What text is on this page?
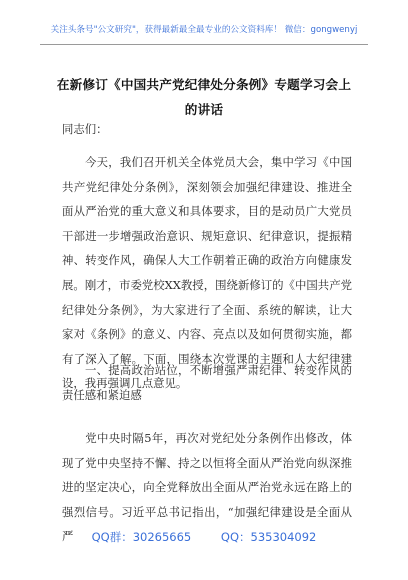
关注头条号"公文研究"，获得最新最全最专业的公文资料库！ 微信：gongwenyj
在新修订《中国共产党纪律处分条例》专题学习会上的讲话
同志们：
今天，我们召开机关全体党员大会，集中学习《中国共产党纪律处分条例》，深刻领会加强纪律建设、推进全面从严治党的重大意义和具体要求，目的是动员广大党员干部进一步增强政治意识、规矩意识、纪律意识，提振精神、转变作风，确保人大工作朝着正确的政治方向健康发展。刚才，市委党校XX教授，围绕新修订的《中国共产党纪律处分条例》，为大家进行了全面、系统的解读，让大家对《条例》的意义、内容、亮点以及如何贯彻实施，都有了深入了解。下面，围绕本次党课的主题和人大纪律建设，我再强调几点意见。
一、提高政治站位，不断增强严肃纪律、转变作风的责任感和紧迫感
党中央时隔5年，再次对党纪处分条例作出修改，体现了党中央坚持不懈、持之以恒将全面从严治党向纵深推进的坚定决心，向全党释放出全面从严治党永远在路上的强烈信号。习近平总书记指出，“加强纪律建设是全面从严	QQ群：30265665	QQ：535304092
